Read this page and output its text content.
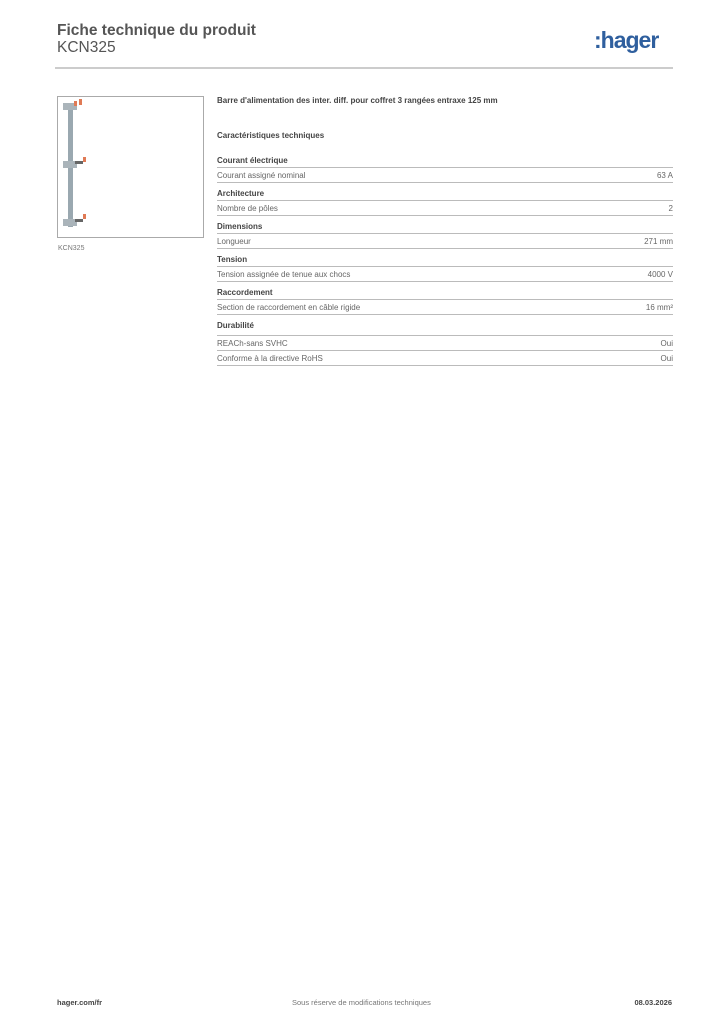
Fiche technique du produit
KCN325	:hager
KCN325
Barre d'alimentation des inter. diff. pour coffret 3 rangées entraxe 125 mm
Caractéristiques techniques
Courant électrique
Courant assigné nominal	63 A
Architecture
Nombre de pôles	2
Dimensions
Longueur	271 mm
Tension
Tension assignée de tenue aux chocs	4000 V
Raccordement
Section de raccordement en câble rigide	16 mm²
Durabilité
REACh-sans SVHC	Oui
Conforme à la directive RoHS	Oui
hager.com/fr	Sous réserve de modifications techniques	08.03.2026
